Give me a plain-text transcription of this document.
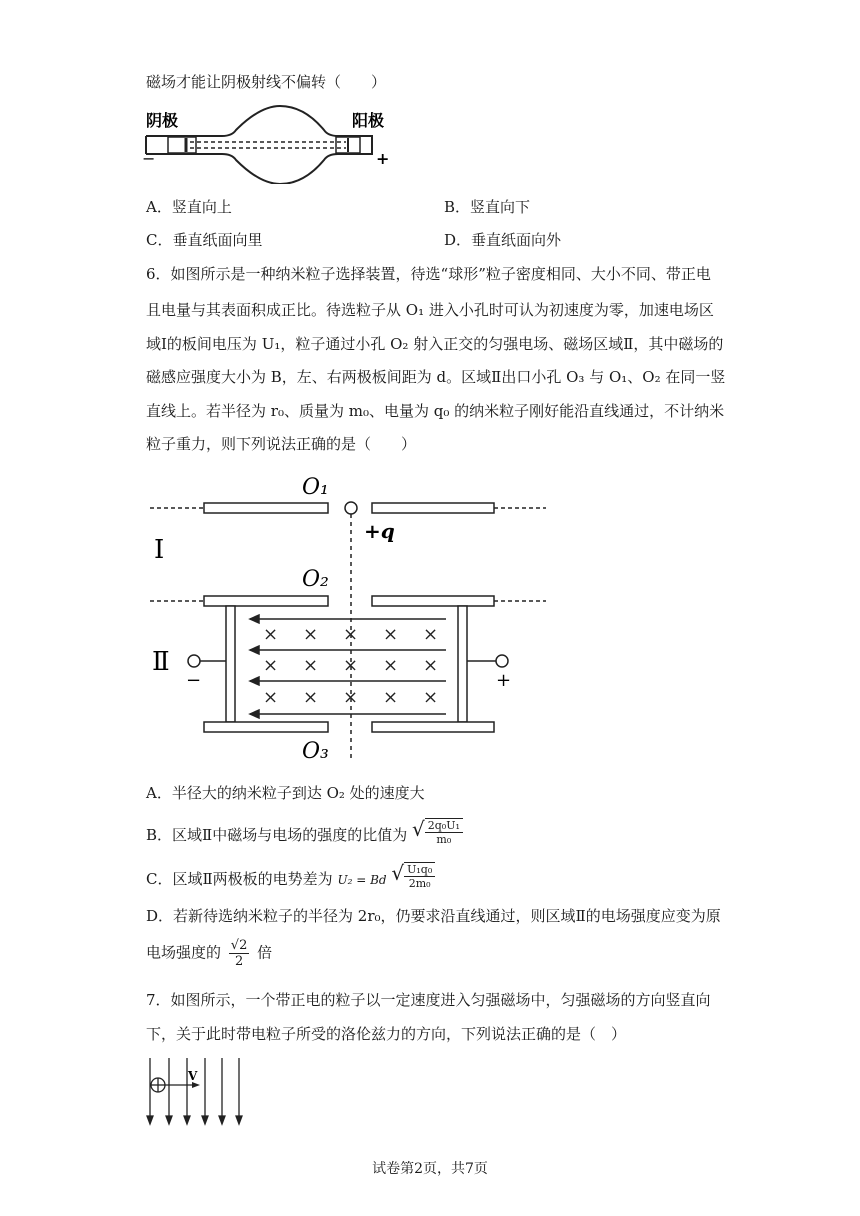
磁场才能让阴极射线不偏转（　　）
阴极	阳极
−	+
A．竖直向上	B．竖直向下
C．垂直纸面向里	D．垂直纸面向外
6．如图所示是一种纳米粒子选择装置，待选“球形”粒子密度相同、大小不同、带正电
且电量与其表面积成正比。待选粒子从 O₁ 进入小孔时可认为初速度为零，加速电场区
域Ⅰ的板间电压为 U₁，粒子通过小孔 O₂ 射入正交的匀强电场、磁场区域Ⅱ，其中磁场的
磁感应强度大小为 B，左、右两极板间距为 d。区域Ⅱ出口小孔 O₃ 与 O₁、O₂ 在同一竖
直线上。若半径为 r₀、质量为 m₀、电量为 q₀ 的纳米粒子刚好能沿直线通过，不计纳米
粒子重力，则下列说法正确的是（　　）
O₁
+q
Ⅰ
O₂
Ⅱ
−	+
× × × × ×
× × × × ×
× × × × ×
O₃
A．半径大的纳米粒子到达 O₂ 处的速度大
B．区域Ⅱ中磁场与电场的强度的比值为 √ $\frac{\text{2q₀U₁}}{\text{m₀}}$
C．区域Ⅱ两极板的电势差为 U₂ = Bd √ $\frac{\text{U₁q₀}}{\text{2m₀}}$
D．若新待选纳米粒子的半径为 2r₀，仍要求沿直线通过，则区域Ⅱ的电场强度应变为原
电场强度的 $\frac{√2}{2}$ 倍
7．如图所示，一个带正电的粒子以一定速度进入匀强磁场中，匀强磁场的方向竖直向
下，关于此时带电粒子所受的洛伦兹力的方向，下列说法正确的是（　）
V
试卷第2页，共7页
